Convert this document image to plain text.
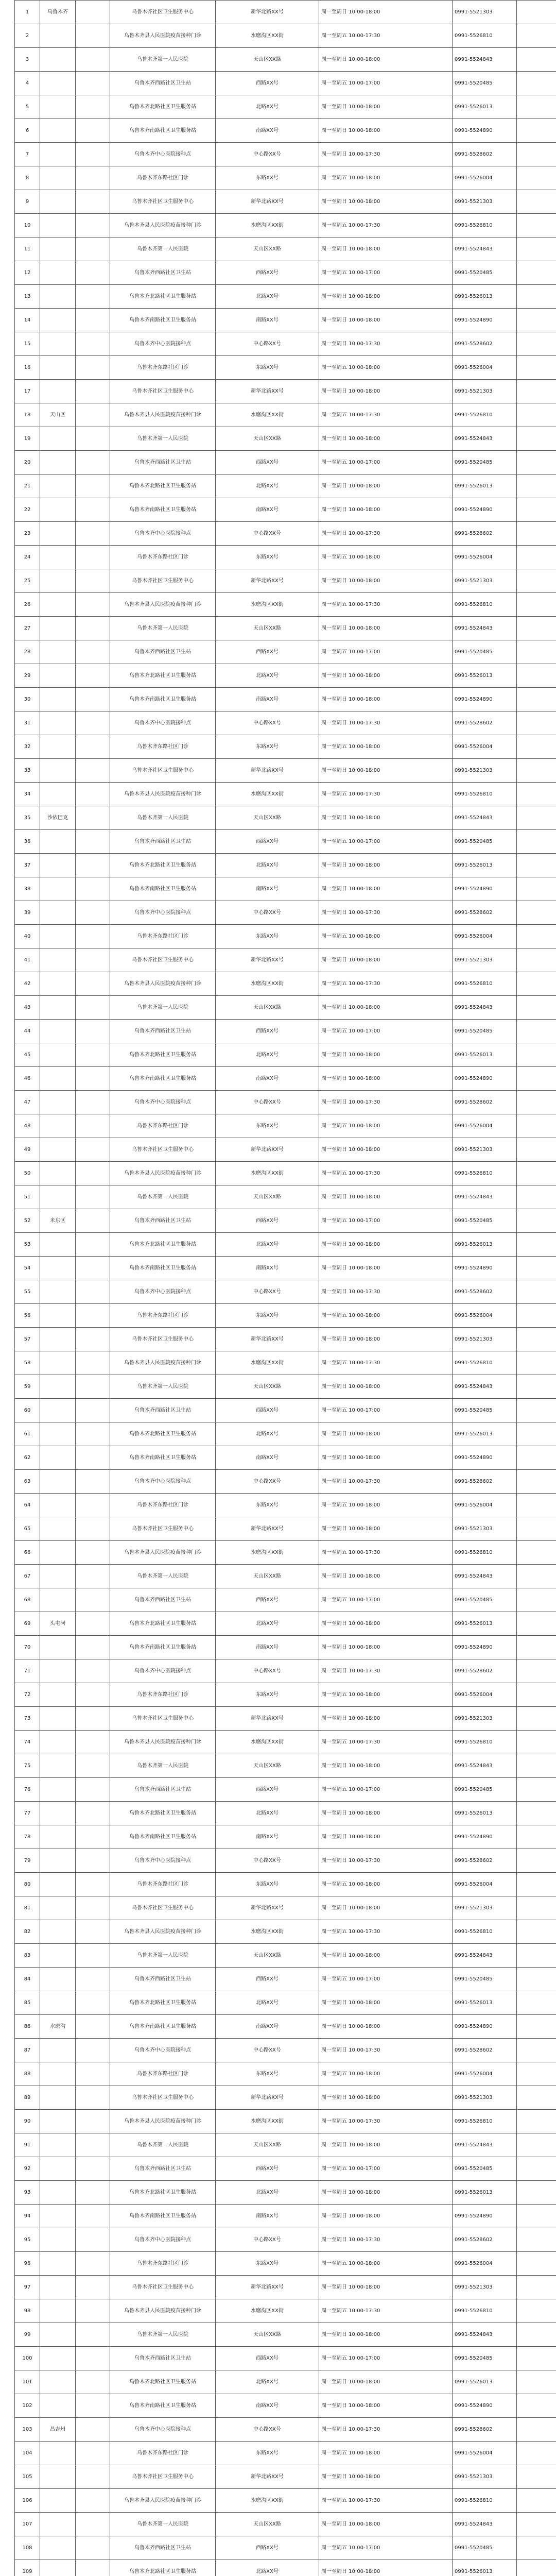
1	乌鲁木齐		乌鲁木齐社区卫生服务中心	新华北路XX号	周一至周日 10:00-18:00	0991-5521303	
2			乌鲁木齐县人民医院疫苗接种门诊	水磨沟区XX街	周一至周五 10:00-17:30	0991-5526810	
3			乌鲁木齐第一人民医院	天山区XX路	周一至周日 10:00-18:00	0991-5524843	
4			乌鲁木齐西路社区卫生站	西路XX号	周一至周五 10:00-17:00	0991-5520485	
5			乌鲁木齐北路社区卫生服务站	北路XX号	周一至周日 10:00-18:00	0991-5526013	
6			乌鲁木齐南路社区卫生服务站	南路XX号	周一至周日 10:00-18:00	0991-5524890	
7			乌鲁木齐中心医院接种点	中心路XX号	周一至周日 10:00-17:30	0991-5528602	
8			乌鲁木齐东路社区门诊	东路XX号	周一至周五 10:00-18:00	0991-5526004	
9			乌鲁木齐社区卫生服务中心	新华北路XX号	周一至周日 10:00-18:00	0991-5521303	
10			乌鲁木齐县人民医院疫苗接种门诊	水磨沟区XX街	周一至周五 10:00-17:30	0991-5526810	
11			乌鲁木齐第一人民医院	天山区XX路	周一至周日 10:00-18:00	0991-5524843	
12			乌鲁木齐西路社区卫生站	西路XX号	周一至周五 10:00-17:00	0991-5520485	
13			乌鲁木齐北路社区卫生服务站	北路XX号	周一至周日 10:00-18:00	0991-5526013	
14			乌鲁木齐南路社区卫生服务站	南路XX号	周一至周日 10:00-18:00	0991-5524890	
15			乌鲁木齐中心医院接种点	中心路XX号	周一至周日 10:00-17:30	0991-5528602	
16			乌鲁木齐东路社区门诊	东路XX号	周一至周五 10:00-18:00	0991-5526004	
17			乌鲁木齐社区卫生服务中心	新华北路XX号	周一至周日 10:00-18:00	0991-5521303	
18	天山区		乌鲁木齐县人民医院疫苗接种门诊	水磨沟区XX街	周一至周五 10:00-17:30	0991-5526810	
19			乌鲁木齐第一人民医院	天山区XX路	周一至周日 10:00-18:00	0991-5524843	
20			乌鲁木齐西路社区卫生站	西路XX号	周一至周五 10:00-17:00	0991-5520485	
21			乌鲁木齐北路社区卫生服务站	北路XX号	周一至周日 10:00-18:00	0991-5526013	
22			乌鲁木齐南路社区卫生服务站	南路XX号	周一至周日 10:00-18:00	0991-5524890	
23			乌鲁木齐中心医院接种点	中心路XX号	周一至周日 10:00-17:30	0991-5528602	
24			乌鲁木齐东路社区门诊	东路XX号	周一至周五 10:00-18:00	0991-5526004	
25			乌鲁木齐社区卫生服务中心	新华北路XX号	周一至周日 10:00-18:00	0991-5521303	
26			乌鲁木齐县人民医院疫苗接种门诊	水磨沟区XX街	周一至周五 10:00-17:30	0991-5526810	
27			乌鲁木齐第一人民医院	天山区XX路	周一至周日 10:00-18:00	0991-5524843	
28			乌鲁木齐西路社区卫生站	西路XX号	周一至周五 10:00-17:00	0991-5520485	
29			乌鲁木齐北路社区卫生服务站	北路XX号	周一至周日 10:00-18:00	0991-5526013	
30			乌鲁木齐南路社区卫生服务站	南路XX号	周一至周日 10:00-18:00	0991-5524890	
31			乌鲁木齐中心医院接种点	中心路XX号	周一至周日 10:00-17:30	0991-5528602	
32			乌鲁木齐东路社区门诊	东路XX号	周一至周五 10:00-18:00	0991-5526004	
33			乌鲁木齐社区卫生服务中心	新华北路XX号	周一至周日 10:00-18:00	0991-5521303	
34			乌鲁木齐县人民医院疫苗接种门诊	水磨沟区XX街	周一至周五 10:00-17:30	0991-5526810	
35	沙依巴克		乌鲁木齐第一人民医院	天山区XX路	周一至周日 10:00-18:00	0991-5524843	
36			乌鲁木齐西路社区卫生站	西路XX号	周一至周五 10:00-17:00	0991-5520485	
37			乌鲁木齐北路社区卫生服务站	北路XX号	周一至周日 10:00-18:00	0991-5526013	
38			乌鲁木齐南路社区卫生服务站	南路XX号	周一至周日 10:00-18:00	0991-5524890	
39			乌鲁木齐中心医院接种点	中心路XX号	周一至周日 10:00-17:30	0991-5528602	
40			乌鲁木齐东路社区门诊	东路XX号	周一至周五 10:00-18:00	0991-5526004	
41			乌鲁木齐社区卫生服务中心	新华北路XX号	周一至周日 10:00-18:00	0991-5521303	
42			乌鲁木齐县人民医院疫苗接种门诊	水磨沟区XX街	周一至周五 10:00-17:30	0991-5526810	
43			乌鲁木齐第一人民医院	天山区XX路	周一至周日 10:00-18:00	0991-5524843	
44			乌鲁木齐西路社区卫生站	西路XX号	周一至周五 10:00-17:00	0991-5520485	
45			乌鲁木齐北路社区卫生服务站	北路XX号	周一至周日 10:00-18:00	0991-5526013	
46			乌鲁木齐南路社区卫生服务站	南路XX号	周一至周日 10:00-18:00	0991-5524890	
47			乌鲁木齐中心医院接种点	中心路XX号	周一至周日 10:00-17:30	0991-5528602	
48			乌鲁木齐东路社区门诊	东路XX号	周一至周五 10:00-18:00	0991-5526004	
49			乌鲁木齐社区卫生服务中心	新华北路XX号	周一至周日 10:00-18:00	0991-5521303	
50			乌鲁木齐县人民医院疫苗接种门诊	水磨沟区XX街	周一至周五 10:00-17:30	0991-5526810	
51			乌鲁木齐第一人民医院	天山区XX路	周一至周日 10:00-18:00	0991-5524843	
52	米东区		乌鲁木齐西路社区卫生站	西路XX号	周一至周五 10:00-17:00	0991-5520485	
53			乌鲁木齐北路社区卫生服务站	北路XX号	周一至周日 10:00-18:00	0991-5526013	
54			乌鲁木齐南路社区卫生服务站	南路XX号	周一至周日 10:00-18:00	0991-5524890	
55			乌鲁木齐中心医院接种点	中心路XX号	周一至周日 10:00-17:30	0991-5528602	
56			乌鲁木齐东路社区门诊	东路XX号	周一至周五 10:00-18:00	0991-5526004	
57			乌鲁木齐社区卫生服务中心	新华北路XX号	周一至周日 10:00-18:00	0991-5521303	
58			乌鲁木齐县人民医院疫苗接种门诊	水磨沟区XX街	周一至周五 10:00-17:30	0991-5526810	
59			乌鲁木齐第一人民医院	天山区XX路	周一至周日 10:00-18:00	0991-5524843	
60			乌鲁木齐西路社区卫生站	西路XX号	周一至周五 10:00-17:00	0991-5520485	
61			乌鲁木齐北路社区卫生服务站	北路XX号	周一至周日 10:00-18:00	0991-5526013	
62			乌鲁木齐南路社区卫生服务站	南路XX号	周一至周日 10:00-18:00	0991-5524890	
63			乌鲁木齐中心医院接种点	中心路XX号	周一至周日 10:00-17:30	0991-5528602	
64			乌鲁木齐东路社区门诊	东路XX号	周一至周五 10:00-18:00	0991-5526004	
65			乌鲁木齐社区卫生服务中心	新华北路XX号	周一至周日 10:00-18:00	0991-5521303	
66			乌鲁木齐县人民医院疫苗接种门诊	水磨沟区XX街	周一至周五 10:00-17:30	0991-5526810	
67			乌鲁木齐第一人民医院	天山区XX路	周一至周日 10:00-18:00	0991-5524843	
68			乌鲁木齐西路社区卫生站	西路XX号	周一至周五 10:00-17:00	0991-5520485	
69	头屯河		乌鲁木齐北路社区卫生服务站	北路XX号	周一至周日 10:00-18:00	0991-5526013	
70			乌鲁木齐南路社区卫生服务站	南路XX号	周一至周日 10:00-18:00	0991-5524890	
71			乌鲁木齐中心医院接种点	中心路XX号	周一至周日 10:00-17:30	0991-5528602	
72			乌鲁木齐东路社区门诊	东路XX号	周一至周五 10:00-18:00	0991-5526004	
73			乌鲁木齐社区卫生服务中心	新华北路XX号	周一至周日 10:00-18:00	0991-5521303	
74			乌鲁木齐县人民医院疫苗接种门诊	水磨沟区XX街	周一至周五 10:00-17:30	0991-5526810	
75			乌鲁木齐第一人民医院	天山区XX路	周一至周日 10:00-18:00	0991-5524843	
76			乌鲁木齐西路社区卫生站	西路XX号	周一至周五 10:00-17:00	0991-5520485	
77			乌鲁木齐北路社区卫生服务站	北路XX号	周一至周日 10:00-18:00	0991-5526013	
78			乌鲁木齐南路社区卫生服务站	南路XX号	周一至周日 10:00-18:00	0991-5524890	
79			乌鲁木齐中心医院接种点	中心路XX号	周一至周日 10:00-17:30	0991-5528602	
80			乌鲁木齐东路社区门诊	东路XX号	周一至周五 10:00-18:00	0991-5526004	
81			乌鲁木齐社区卫生服务中心	新华北路XX号	周一至周日 10:00-18:00	0991-5521303	
82			乌鲁木齐县人民医院疫苗接种门诊	水磨沟区XX街	周一至周五 10:00-17:30	0991-5526810	
83			乌鲁木齐第一人民医院	天山区XX路	周一至周日 10:00-18:00	0991-5524843	
84			乌鲁木齐西路社区卫生站	西路XX号	周一至周五 10:00-17:00	0991-5520485	
85			乌鲁木齐北路社区卫生服务站	北路XX号	周一至周日 10:00-18:00	0991-5526013	
86	水磨沟		乌鲁木齐南路社区卫生服务站	南路XX号	周一至周日 10:00-18:00	0991-5524890	
87			乌鲁木齐中心医院接种点	中心路XX号	周一至周日 10:00-17:30	0991-5528602	
88			乌鲁木齐东路社区门诊	东路XX号	周一至周五 10:00-18:00	0991-5526004	
89			乌鲁木齐社区卫生服务中心	新华北路XX号	周一至周日 10:00-18:00	0991-5521303	
90			乌鲁木齐县人民医院疫苗接种门诊	水磨沟区XX街	周一至周五 10:00-17:30	0991-5526810	
91			乌鲁木齐第一人民医院	天山区XX路	周一至周日 10:00-18:00	0991-5524843	
92			乌鲁木齐西路社区卫生站	西路XX号	周一至周五 10:00-17:00	0991-5520485	
93			乌鲁木齐北路社区卫生服务站	北路XX号	周一至周日 10:00-18:00	0991-5526013	
94			乌鲁木齐南路社区卫生服务站	南路XX号	周一至周日 10:00-18:00	0991-5524890	
95			乌鲁木齐中心医院接种点	中心路XX号	周一至周日 10:00-17:30	0991-5528602	
96			乌鲁木齐东路社区门诊	东路XX号	周一至周五 10:00-18:00	0991-5526004	
97			乌鲁木齐社区卫生服务中心	新华北路XX号	周一至周日 10:00-18:00	0991-5521303	
98			乌鲁木齐县人民医院疫苗接种门诊	水磨沟区XX街	周一至周五 10:00-17:30	0991-5526810	
99			乌鲁木齐第一人民医院	天山区XX路	周一至周日 10:00-18:00	0991-5524843	
100			乌鲁木齐西路社区卫生站	西路XX号	周一至周五 10:00-17:00	0991-5520485	
101			乌鲁木齐北路社区卫生服务站	北路XX号	周一至周日 10:00-18:00	0991-5526013	
102			乌鲁木齐南路社区卫生服务站	南路XX号	周一至周日 10:00-18:00	0991-5524890	
103	昌吉州		乌鲁木齐中心医院接种点	中心路XX号	周一至周日 10:00-17:30	0991-5528602	
104			乌鲁木齐东路社区门诊	东路XX号	周一至周五 10:00-18:00	0991-5526004	
105			乌鲁木齐社区卫生服务中心	新华北路XX号	周一至周日 10:00-18:00	0991-5521303	
106			乌鲁木齐县人民医院疫苗接种门诊	水磨沟区XX街	周一至周五 10:00-17:30	0991-5526810	
107			乌鲁木齐第一人民医院	天山区XX路	周一至周日 10:00-18:00	0991-5524843	
108			乌鲁木齐西路社区卫生站	西路XX号	周一至周五 10:00-17:00	0991-5520485	
109			乌鲁木齐北路社区卫生服务站	北路XX号	周一至周日 10:00-18:00	0991-5526013	
